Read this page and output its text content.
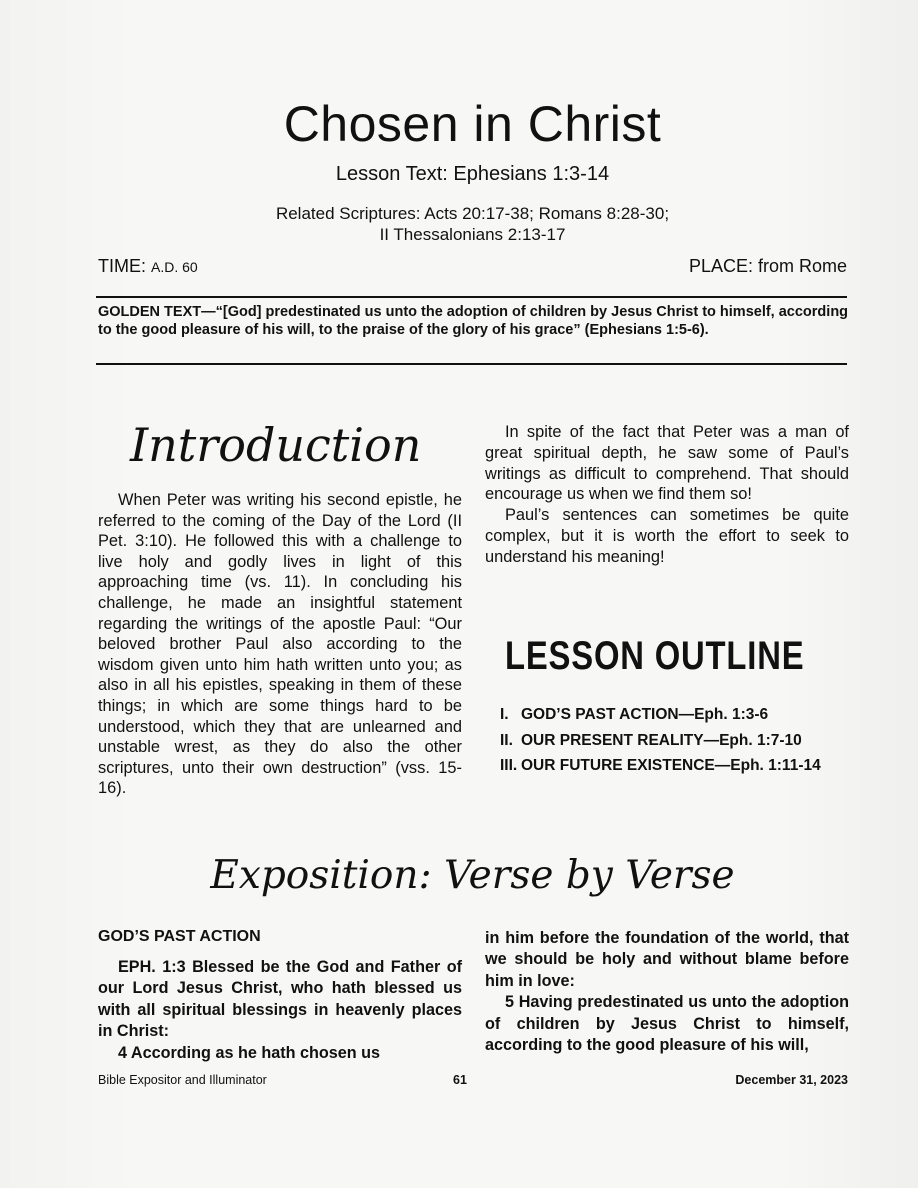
Chosen in Christ
Lesson Text: Ephesians 1:3-14
Related Scriptures: Acts 20:17-38; Romans 8:28-30;
II Thessalonians 2:13-17
TIME: A.D. 60	PLACE: from Rome
GOLDEN TEXT—“[God] predestinated us unto the adoption of children by Jesus Christ to himself, according to the good pleasure of his will, to the praise of the glory of his grace” (Ephesians 1:5-6).
Introduction

When Peter was writing his second epistle, he referred to the coming of the Day of the Lord (II Pet. 3:10). He followed this with a challenge to live holy and godly lives in light of this approaching time (vs. 11). In concluding his challenge, he made an insightful statement regarding the writings of the apostle Paul: “Our beloved brother Paul also according to the wisdom given unto him hath written unto you; as also in all his epistles, speaking in them of these things; in which are some things hard to be understood, which they that are unlearned and unstable wrest, as they do also the other scriptures, unto their own destruction” (vss. 15-16).

In spite of the fact that Peter was a man of great spiritual depth, he saw some of Paul’s writings as difficult to comprehend. That should encourage us when we find them so!

Paul’s sentences can sometimes be quite complex, but it is worth the effort to seek to understand his meaning!

LESSON OUTLINE
I. GOD’S PAST ACTION—Eph. 1:3-6
II. OUR PRESENT REALITY—Eph. 1:7-10
III. OUR FUTURE EXISTENCE—Eph. 1:11-14
Exposition: Verse by Verse
GOD’S PAST ACTION

EPH. 1:3 Blessed be the God and Father of our Lord Jesus Christ, who hath blessed us with all spiritual blessings in heavenly places in Christ:

4 According as he hath chosen us

in him before the foundation of the world, that we should be holy and without blame before him in love:

5 Having predestinated us unto the adoption of children by Jesus Christ to himself, according to the good pleasure of his will,

Bible Expositor and Illuminator	61	December 31, 2023
